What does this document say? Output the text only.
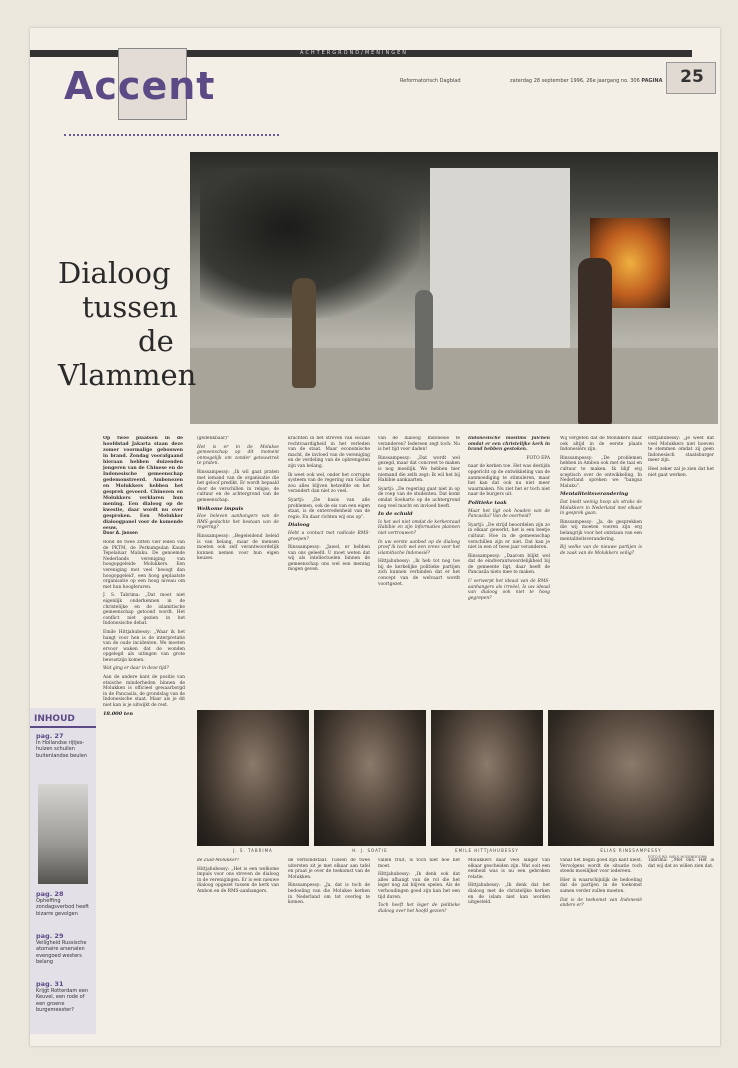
ACHTERGROND/MENINGEN
Accent	Reformatorisch Dagblad	zaterdag 28 september 1996, 26e jaargang no. 306 PAGINA	25
Dialoog
tussen
de
Vlammen
Op twee plaatsen in de hoofdstad Jakarta staan deze zomer voormalige gebouwen in brand. Zondag voorafgaand hieraan hebben duizenden jongeren van de Chinese en de Indonesische gemeenschap gedemonstreerd. Ambonezen en Molukkers hebben het gesprek gevoerd. Chinezen en Molukkers verklaren hun mening. Een dialoog op de kwestie, daar wordt nu over gesproken. Een Molukker dialoogpanel voor de komende eeuw.
Door A. Jansen

Rond de twee zitten vier leden van de PKTM, de Perkumpulan Kaum Tepelaluar Maluku. De genoemde Nederlands vereniging van hoogopgeleide Molukkers. Een vereniging met veel 'beoogt dan hoogopgeleid', een hoog geplaatste organisatie op een hoog niveau om met hun hoogleraren.

J. S. Tabrima: „Dat moet niet eigenlijk onderkennen in de christelijke en de islamitische gemeenschap getoond wordt. Het conflict niet gezien in het Indonesische debat.

Emile Hittjahubessy: „Waar ik het hangt voor hen is de interpretatie van de oude incidenten. We moeten ervoor waken dat de wonden opgelegd als uitingen van grote bewustzijn komen.

Wat ging er daar in deze tijd?

Aan de andere kant de positie van etnische minderheden binnen de Molukken is officieel gewaarborgd in de Pancasila, de grondslag van de Indonesische staat. Maar als je dit niet kan is je uitwijkt de rest.

18.000 ten

(gedenkbaar)"

Het is er in de Molukse gemeenschap op dit moment onmogelijk om zonder getouwtrek te praten.

Rinssampessy: „Ik wil gaat praten met iemand van de organisatie die het geloof predikt. Er wordt bepaald door de verschillen in religie, de cultuur en de achtergrond van de gemeenschap.

Welkome impuls

Hoe beleven aanhangers van de RMS-gedachte het bestaan van de regering?

Rinssampessy: „Begeleidend beleid is van belang, maar de mensen moeten ook zelf verantwoordelijk kunnen nemen voor hun eigen keuzes.

krachten in het streven van sociale rechtvaardigheid in het verleden van de staat. Maar economische macht, de invloed van de vereniging en de verdeling van de opbrengsten zijn van belang.

Ik weet ook wel, onder het corrupte systeem van de regering van Golkar zou alles blijven hetzelfde en het verandert dan niet zo veel.

Syartji: „De basis van alle problemen, ook de eis van een eigen staat, is de ontevredenheid van de regio. En daar richten wij ons op".

Dialoog

Hebt u contact met radicale RMS-groepen?

Rinssampessy: „Jawel, er hebben van ons geleefd. U moet weten dat wij als intellectuelen binnen de gemeenschap ons wel een mening mogen geven.

van de dialoog Indonesië te veranderen? Iedereen zegt toch: Nu is het tijd voor daden!

Rinssampessy: „Dat wordt wel gezegd, maar dat concreet te maken is nog moeilijk. We hebben hier niemand die zelfs zegt: Ik wil het bij Habibie aankaarten.

Syartji: „De regering gaat niet in op de roep van de studenten. Dat komt omdat Soeharto op de achtergrond nog veel macht en invloed heeft.

In de schuld

Is het wel niet omdat de kerkenraad Habibie en zijn informaties plannen niet vertrouwen?

In uw eerste aanbod op de dialoog proef ik toch wel een vrees voor het islamitische Indonesië?

Hittjahubessy: „Ik heb tot nog toe bij de kerkelijke politieke partijen zich kunnen verbinden dat er het concept van de welvaart wordt voortgezet.

Indonesische moslims juichen omdat er een christelijke kerk in brand hebben gestoken.

FOTO EPA

naar de kerken toe. Het was destijds opgericht op de ontwikkeling van de aanmoediging te stimuleren, maar het kan dat ook nu niet meer waarmaken. Nu ziet het er toch niet naar de burgers uit.

Politieke taak

Maar het ligt ook houden van de Pancasila? Van de overheid?

Syartji: „De strijd beoordelen zijn zo in elkaar gewerkt, het is een beetje cultuur. Hoe in de gemeenschap verschillen zijn er niet. Dat kan je niet in een of twee jaar veranderen.

Rinssampessy: „Daarom blijkt wel dat de eindverantwoordelijkheid bij de gemeente ligt, daar heeft de Pancasila niets mee te maken.

U verwerpt het ideaal van de RMS-aanhangers als irreëel. Is uw ideaal van dialoog ook niet te hoog gegrepen?

Wij vergeten dat de Molukkers daar ook altijd in de eerste plaats Indonesiërs zijn.

Rinssampessy: „De problemen hebben in Ambon ook met de taal en cultuur te maken. Ik blijf erg sceptisch over de ontwikkeling. In Nederland spreken we "bangsa Maluku".

Mentaliteitsverandering

Dat biedt weinig hoop als straks de Molukkers in Nederland met elkaar in gesprek gaan.

Rinssampessy: „Ja, de gesprekken die wij moeten voeren zijn erg belangrijk voor het ontstaan van een mentaliteitsverandering.

Bij welke van de nieuwe partijen is de zaak van de Molukkers veilig?

Hittjahubessy: „Je weet dat veel Molukkers niet hoeven te stemmen omdat zij geen Indonesisch staatsburger meer zijn.

Heel zeker zal je zien dat het niet gaat werken.

J. S. TABRIMA	H. J. SOATIE	EMILE HITTJAHUBESSY	ELIAS RINSSAMPESSY
FOTO'S RD. NIELS HOGENDOORN

de Zuid-Molukker?

Hittjahubessy: „Het is een welkome impuls voor ons streven de dialoog in de verenigingen. Er is een nieuwe dialoog opgezet tussen de kerk van Ambon en de RMS-aanhangers.

de verbondstaat. Tussen de twee uitersten zit je met elkaar aan tafel en praat je over de toekomst van de Molukken.

Rinssampessy: „Ja, dat is toch de bedoeling van die Molukse kerken in Nederland om tot overleg te komen.

vallen truit, is toch niet hoe het moet.

Hittjahubessy: „Ik denk ook dat alles afhangt van de rol die het leger nog zal blijven spelen. Als de verhoudingen goed zijn kan het een tijd duren.

Toch heeft het leger de politieke dialoog over het hoofd gezien?

Molukkers daar veel langer van elkaar gescheiden zijn. Wat ooit een eenheid was is nu een gebroken relatie.

Hittjahubessy: „Ik denk dat het dialoog met de christelijke kerken en de islam niet kan worden uitgesteld.

vanaf het begin goed zijn kant kiest. Vervolgens wordt de situatie toch steeds moeilijker voor iedereen.

Hier is waarschijnlijk de bedoeling dat de partijen in de toekomst samen verder zullen moeten.

Dat is de toekomst van Indonesië anders er?

Tabrima: „Met ons. Het is dat wij dat zo willen zien dat.

INHOUD
pag. 27
In Hollandse rijtjes-huizen schuilen buitenlandse beulen
pag. 28
Opheffing zondagsverbod heeft bizarre gevolgen
pag. 29
Veiligheid Russische atomaire arsenalen evengoed westers belang
pag. 31
Krijgt Rotterdam een Keuvel, een rode of een groene burgemeester?
